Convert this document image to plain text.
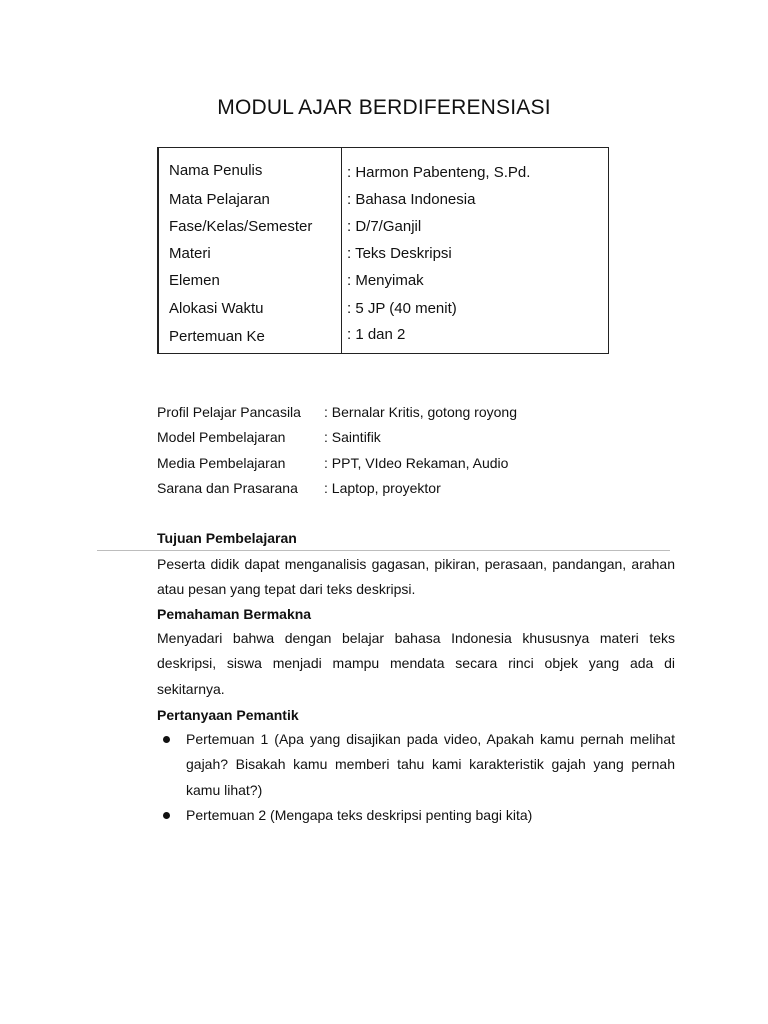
MODUL AJAR BERDIFERENSIASI
Nama Penulis	: Harmon Pabenteng, S.Pd.
Mata Pelajaran	: Bahasa Indonesia
Fase/Kelas/Semester : D/7/Ganjil
Materi	: Teks Deskripsi
Elemen	: Menyimak
Alokasi Waktu	: 5 JP (40 menit)
Pertemuan Ke	: 1 dan 2
Profil Pelajar Pancasila : Bernalar Kritis, gotong royong
Model Pembelajaran	: Saintifik
Media Pembelajaran	: PPT, VIdeo Rekaman, Audio
Sarana dan Prasarana : Laptop, proyektor
Tujuan Pembelajaran
Peserta didik dapat menganalisis gagasan, pikiran, perasaan, pandangan, arahan atau pesan yang tepat dari teks deskripsi.
Pemahaman Bermakna
Menyadari bahwa dengan belajar bahasa Indonesia khususnya materi teks deskripsi, siswa menjadi mampu mendata secara rinci objek yang ada di sekitarnya.
Pertanyaan Pemantik
Pertemuan 1 (Apa yang disajikan pada video, Apakah kamu pernah melihat gajah? Bisakah kamu memberi tahu kami karakteristik gajah yang pernah kamu lihat?)
Pertemuan 2 (Mengapa teks deskripsi penting bagi kita)
